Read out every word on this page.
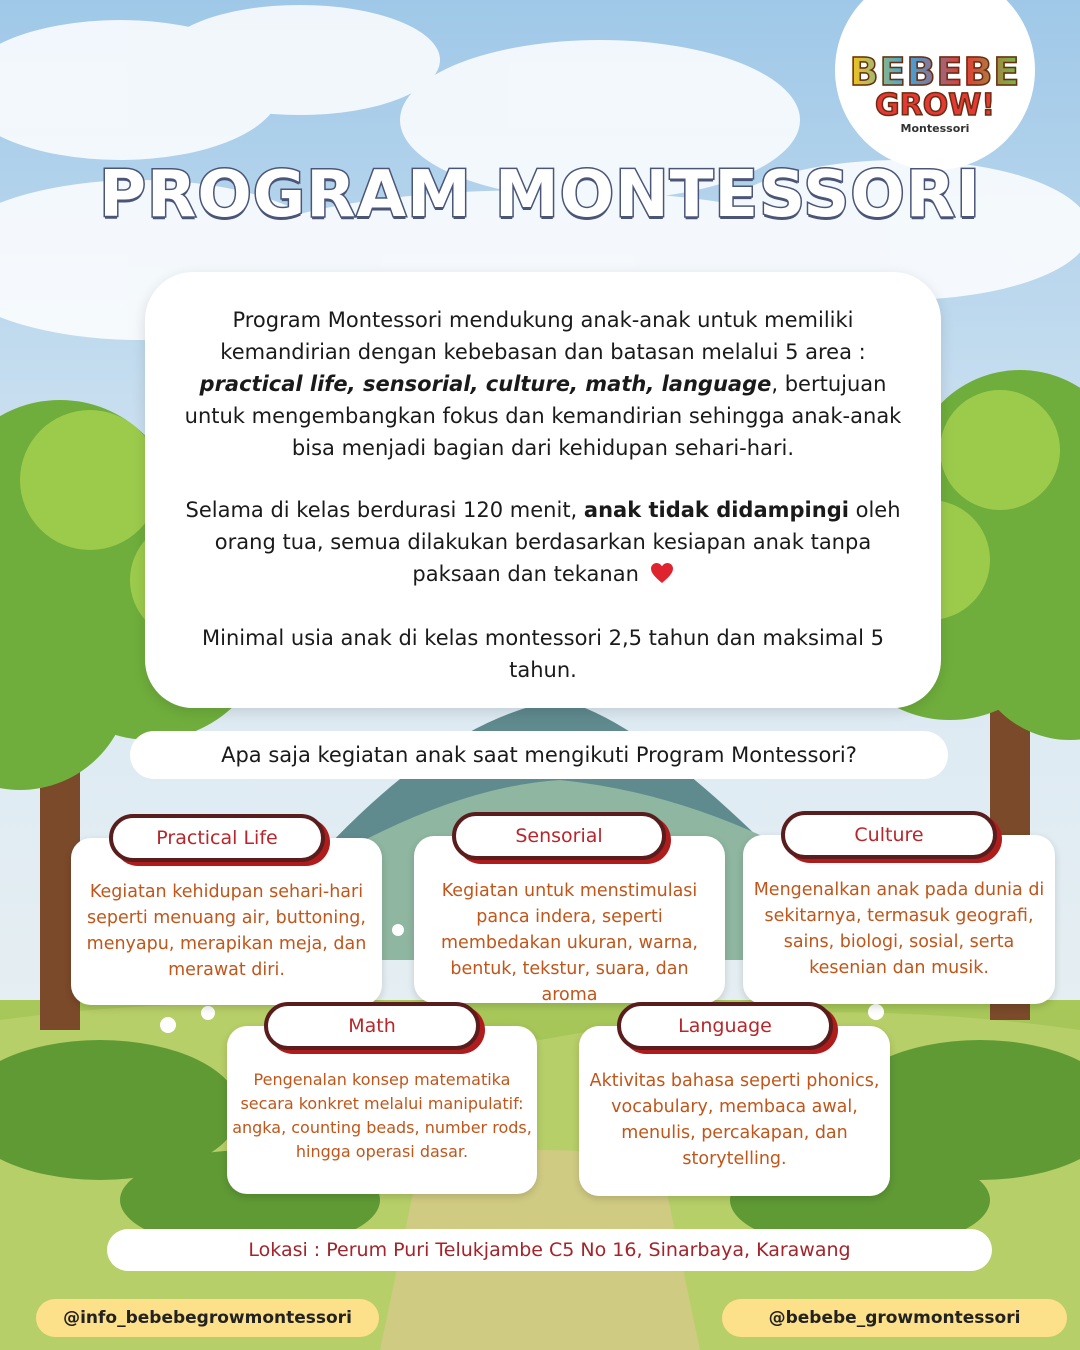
BEBEBE
GROW!
Montessori
PROGRAM MONTESSORI
Program Montessori mendukung anak-anak untuk memiliki kemandirian dengan kebebasan dan batasan melalui 5 area : practical life, sensorial, culture, math, language, bertujuan untuk mengembangkan fokus dan kemandirian sehingga anak-anak bisa menjadi bagian dari kehidupan sehari-hari.
Selama di kelas berdurasi 120 menit, anak tidak didampingi oleh orang tua, semua dilakukan berdasarkan kesiapan anak tanpa paksaan dan tekanan
Minimal usia anak di kelas montessori 2,5 tahun dan maksimal 5 tahun.
Apa saja kegiatan anak saat mengikuti Program Montessori?
Kegiatan kehidupan sehari-hari seperti menuang air, buttoning, menyapu, merapikan meja, dan merawat diri.
Practical Life
Kegiatan untuk menstimulasi panca indera, seperti membedakan ukuran, warna, bentuk, tekstur, suara, dan aroma
Sensorial
Mengenalkan anak pada dunia di sekitarnya, termasuk geografi, sains, biologi, sosial, serta kesenian dan musik.
Culture
Pengenalan konsep matematika secara konkret melalui manipulatif: angka, counting beads, number rods, hingga operasi dasar.
Math
Aktivitas bahasa seperti phonics, vocabulary, membaca awal, menulis, percakapan, dan storytelling.
Language
Lokasi : Perum Puri Telukjambe C5 No 16, Sinarbaya, Karawang
@info_bebebegrowmontessori	@bebebe_growmontessori
